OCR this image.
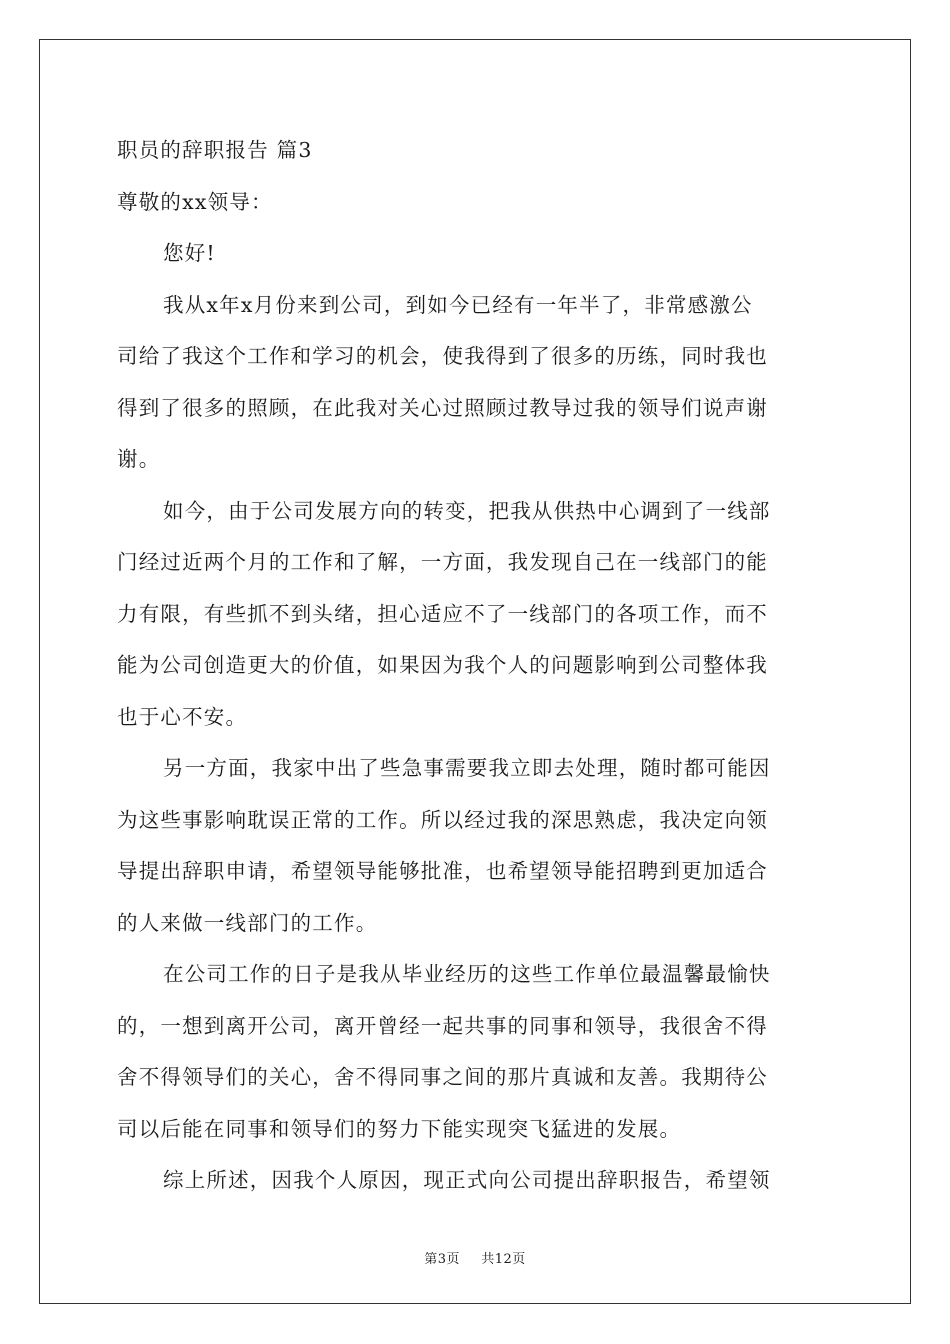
职员的辞职报告 篇3
尊敬的xx领导：
您好!
我从x年x月份来到公司，到如今已经有一年半了，非常感激公
司给了我这个工作和学习的机会，使我得到了很多的历练，同时我也
得到了很多的照顾，在此我对关心过照顾过教导过我的领导们说声谢
谢。
如今，由于公司发展方向的转变，把我从供热中心调到了一线部
门经过近两个月的工作和了解，一方面，我发现自己在一线部门的能
力有限，有些抓不到头绪，担心适应不了一线部门的各项工作，而不
能为公司创造更大的价值，如果因为我个人的问题影响到公司整体我
也于心不安。
另一方面，我家中出了些急事需要我立即去处理，随时都可能因
为这些事影响耽误正常的工作。所以经过我的深思熟虑，我决定向领
导提出辞职申请，希望领导能够批准，也希望领导能招聘到更加适合
的人来做一线部门的工作。
在公司工作的日子是我从毕业经历的这些工作单位最温馨最愉快
的，一想到离开公司，离开曾经一起共事的同事和领导，我很舍不得
舍不得领导们的关心，舍不得同事之间的那片真诚和友善。我期待公
司以后能在同事和领导们的努力下能实现突飞猛进的发展。
综上所述，因我个人原因，现正式向公司提出辞职报告，希望领
第3页 共12页
